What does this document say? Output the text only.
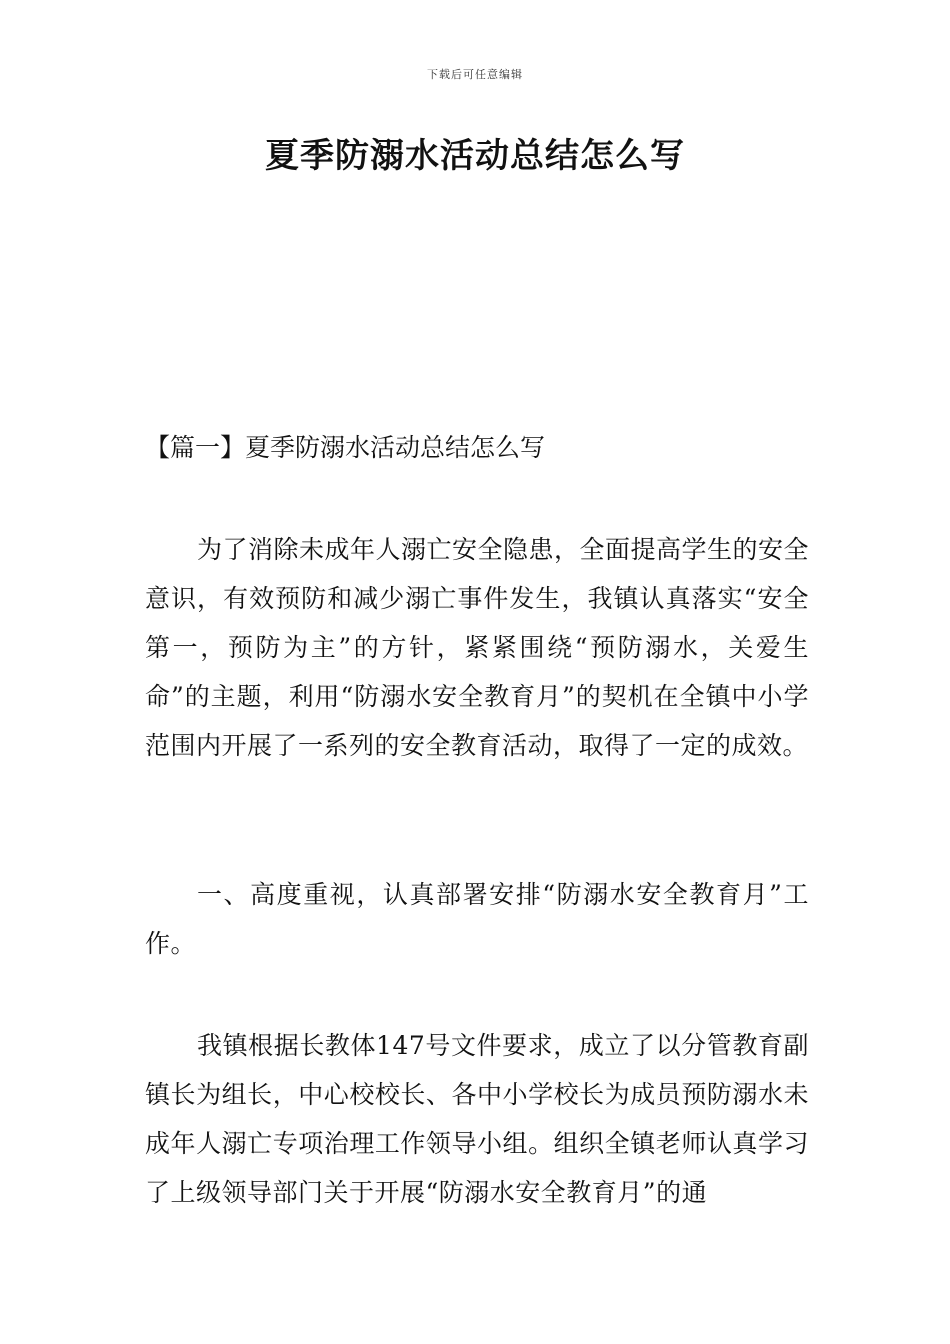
下载后可任意编辑
夏季防溺水活动总结怎么写
【篇一】夏季防溺水活动总结怎么写

为了消除未成年人溺亡安全隐患，全面提高学生的安全意识，有效预防和减少溺亡事件发生，我镇认真落实“安全第一，预防为主”的方针，紧紧围绕“预防溺水，关爱生命”的主题，利用“防溺水安全教育月”的契机在全镇中小学范围内开展了一系列的安全教育活动，取得了一定的成效。

一、高度重视，认真部署安排“防溺水安全教育月”工作。

我镇根据长教体147号文件要求，成立了以分管教育副镇长为组长，中心校校长、各中小学校长为成员预防溺水未成年人溺亡专项治理工作领导小组。组织全镇老师认真学习了上级领导部门关于开展“防溺水安全教育月”的通
